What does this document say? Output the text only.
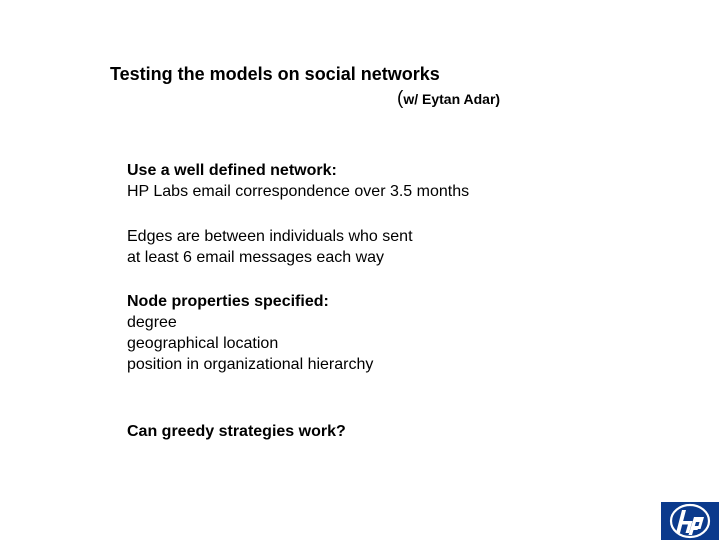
Testing the models on social networks
(w/ Eytan Adar)
Use a well defined network:
HP Labs email correspondence over 3.5 months
Edges are between individuals who sent
at least 6 email messages each way
Node properties specified:
degree
geographical location
position in organizational hierarchy
Can greedy strategies work?
